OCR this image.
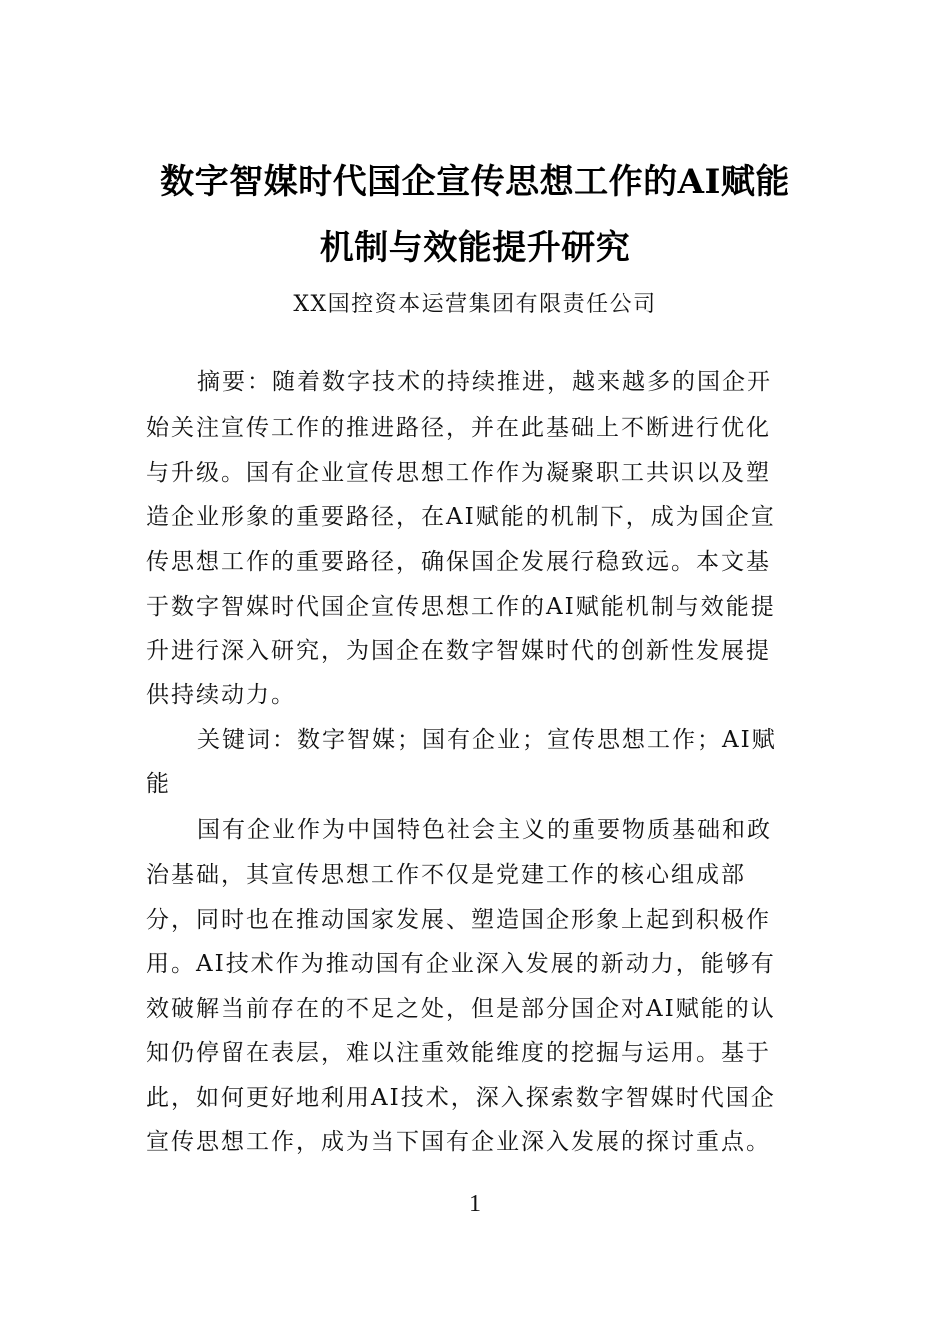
数字智媒时代国企宣传思想工作的AI赋能
机制与效能提升研究
XX国控资本运营集团有限责任公司
摘要：随着数字技术的持续推进，越来越多的国企开
始关注宣传工作的推进路径，并在此基础上不断进行优化
与升级。国有企业宣传思想工作作为凝聚职工共识以及塑
造企业形象的重要路径，在AI赋能的机制下，成为国企宣
传思想工作的重要路径，确保国企发展行稳致远。本文基
于数字智媒时代国企宣传思想工作的AI赋能机制与效能提
升进行深入研究，为国企在数字智媒时代的创新性发展提
供持续动力。
关键词：数字智媒；国有企业；宣传思想工作；AI赋
能
国有企业作为中国特色社会主义的重要物质基础和政
治基础，其宣传思想工作不仅是党建工作的核心组成部
分，同时也在推动国家发展、塑造国企形象上起到积极作
用。AI技术作为推动国有企业深入发展的新动力，能够有
效破解当前存在的不足之处，但是部分国企对AI赋能的认
知仍停留在表层，难以注重效能维度的挖掘与运用。基于
此，如何更好地利用AI技术，深入探索数字智媒时代国企
宣传思想工作，成为当下国有企业深入发展的探讨重点。
1
